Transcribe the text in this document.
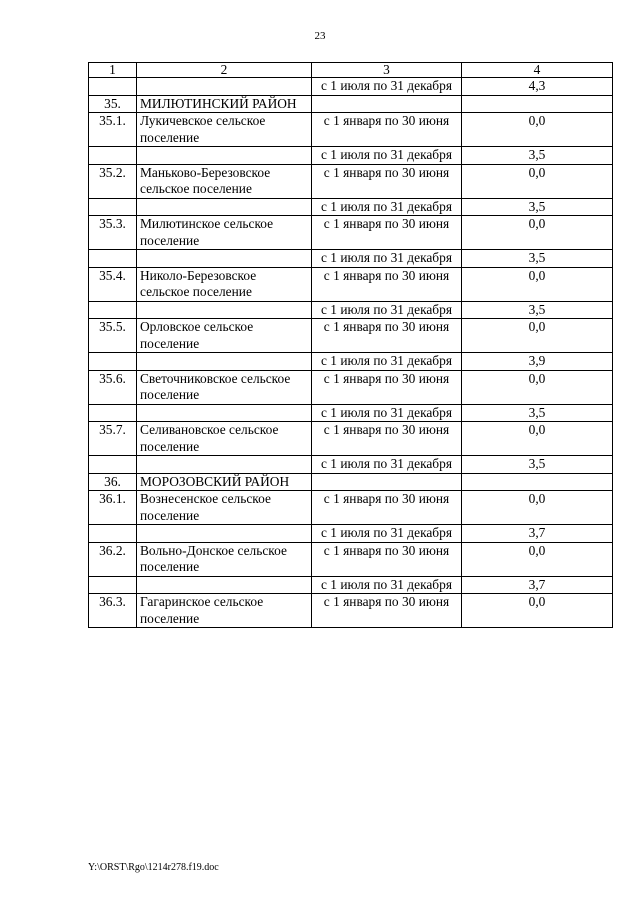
23
1	2	3	4
		с 1 июля по 31 декабря	4,3
35.	МИЛЮТИНСКИЙ РАЙОН		
35.1.	Лукичевское сельское поселение	с 1 января по 30 июня	0,0
		с 1 июля по 31 декабря	3,5
35.2.	Маньково-Березовское сельское поселение	с 1 января по 30 июня	0,0
		с 1 июля по 31 декабря	3,5
35.3.	Милютинское сельское поселение	с 1 января по 30 июня	0,0
		с 1 июля по 31 декабря	3,5
35.4.	Николо-Березовское сельское поселение	с 1 января по 30 июня	0,0
		с 1 июля по 31 декабря	3,5
35.5.	Орловское сельское поселение	с 1 января по 30 июня	0,0
		с 1 июля по 31 декабря	3,9
35.6.	Светочниковское сельское поселение	с 1 января по 30 июня	0,0
		с 1 июля по 31 декабря	3,5
35.7.	Селивановское сельское поселение	с 1 января по 30 июня	0,0
		с 1 июля по 31 декабря	3,5
36.	МОРОЗОВСКИЙ РАЙОН		
36.1.	Вознесенское сельское поселение	с 1 января по 30 июня	0,0
		с 1 июля по 31 декабря	3,7
36.2.	Вольно-Донское сельское поселение	с 1 января по 30 июня	0,0
		с 1 июля по 31 декабря	3,7
36.3.	Гагаринское сельское поселение	с 1 января по 30 июня	0,0
Y:\ORST\Rgo\1214r278.f19.doc
